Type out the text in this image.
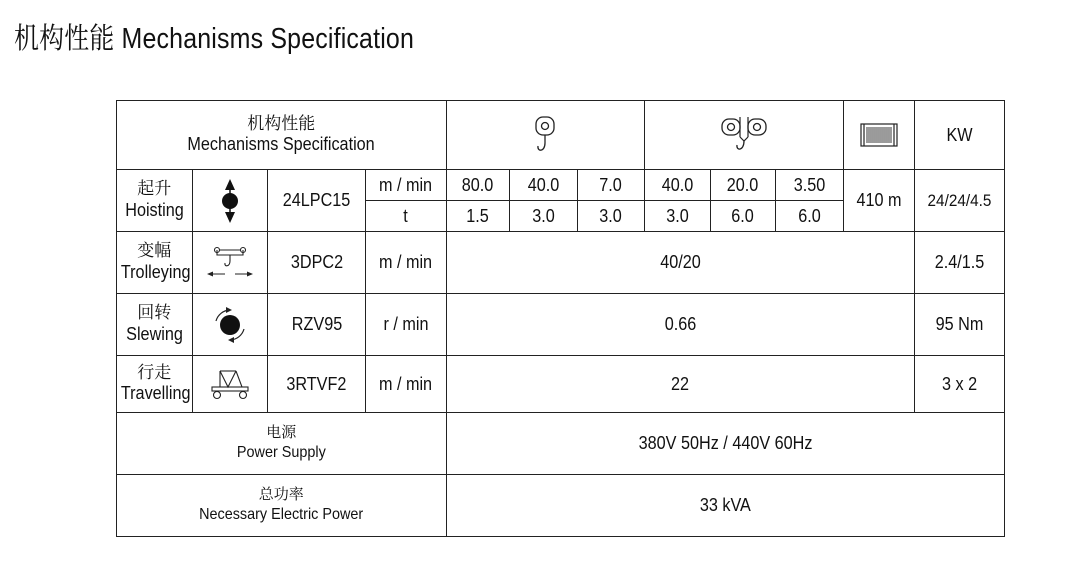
机构性能 Mechanisms Specification
机构性能
Mechanisms Specification											KW

起升
Hoisting		24LPC15	m / min	80.0	40.0	7.0	40.0	20.0	3.50	410 m	24/24/4.5
			t	1.5	3.0	3.0	3.0	6.0	6.0		

变幅
Trolleying		3DPC2	m / min	40/20							2.4/1.5

回转
Slewing		RZV95	r / min	0.66							95 Nm

行走
Travelling		3RTVF2	m / min	22							3 x 2

电源
Power Supply				380V 50Hz / 440V 60Hz							

总功率
Necessary Electric Power				33 kVA							
